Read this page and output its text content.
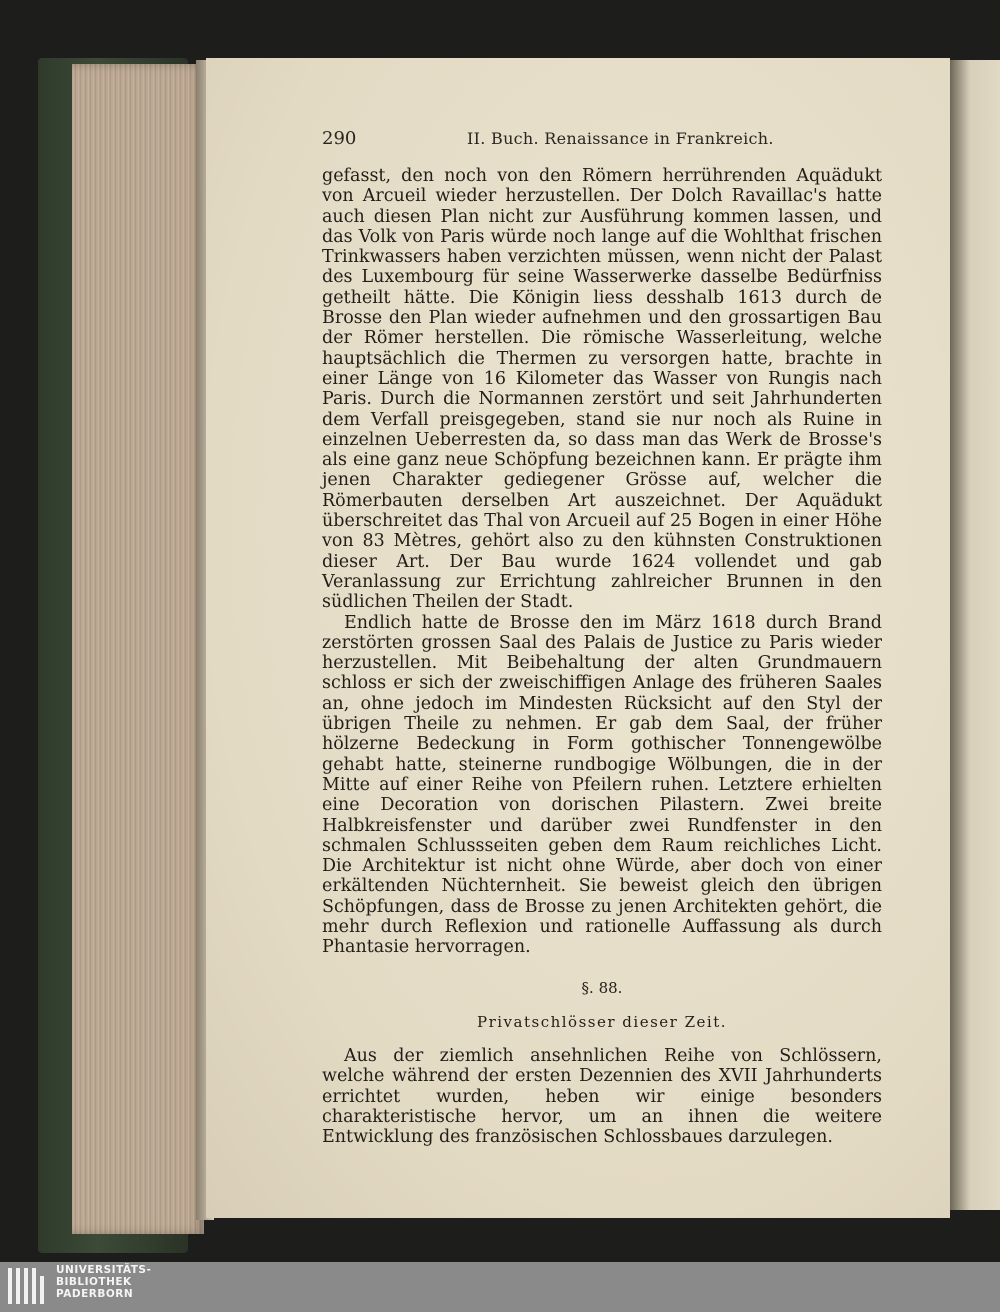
290	II. Buch. Renaissance in Frankreich.

gefasst, den noch von den Römern herrührenden Aquädukt von Arcueil wieder herzustellen. Der Dolch Ravaillac's hatte auch diesen Plan nicht zur Ausführung kommen lassen, und das Volk von Paris würde noch lange auf die Wohlthat frischen Trinkwassers haben verzichten müssen, wenn nicht der Palast des Luxembourg für seine Wasserwerke dasselbe Bedürfniss getheilt hätte. Die Königin liess desshalb 1613 durch de Brosse den Plan wieder aufnehmen und den grossartigen Bau der Römer herstellen. Die römische Wasserleitung, welche hauptsächlich die Thermen zu versorgen hatte, brachte in einer Länge von 16 Kilometer das Wasser von Rungis nach Paris. Durch die Normannen zerstört und seit Jahrhunderten dem Verfall preisgegeben, stand sie nur noch als Ruine in einzelnen Ueberresten da, so dass man das Werk de Brosse's als eine ganz neue Schöpfung bezeichnen kann. Er prägte ihm jenen Charakter gediegener Grösse auf, welcher die Römerbauten derselben Art auszeichnet. Der Aquädukt überschreitet das Thal von Arcueil auf 25 Bogen in einer Höhe von 83 Mètres, gehört also zu den kühnsten Construktionen dieser Art. Der Bau wurde 1624 vollendet und gab Veranlassung zur Errichtung zahlreicher Brunnen in den südlichen Theilen der Stadt.

Endlich hatte de Brosse den im März 1618 durch Brand zerstörten grossen Saal des Palais de Justice zu Paris wieder herzustellen. Mit Beibehaltung der alten Grundmauern schloss er sich der zweischiffigen Anlage des früheren Saales an, ohne jedoch im Mindesten Rücksicht auf den Styl der übrigen Theile zu nehmen. Er gab dem Saal, der früher hölzerne Bedeckung in Form gothischer Tonnengewölbe gehabt hatte, steinerne rundbogige Wölbungen, die in der Mitte auf einer Reihe von Pfeilern ruhen. Letztere erhielten eine Decoration von dorischen Pilastern. Zwei breite Halbkreisfenster und darüber zwei Rundfenster in den schmalen Schlussseiten geben dem Raum reichliches Licht. Die Architektur ist nicht ohne Würde, aber doch von einer erkältenden Nüchternheit. Sie beweist gleich den übrigen Schöpfungen, dass de Brosse zu jenen Architekten gehört, die mehr durch Reflexion und rationelle Auffassung als durch Phantasie hervorragen.

§. 88.
Privatschlösser dieser Zeit.

Aus der ziemlich ansehnlichen Reihe von Schlössern, welche während der ersten Dezennien des XVII Jahrhunderts errichtet wurden, heben wir einige besonders charakteristische hervor, um an ihnen die weitere Entwicklung des französischen Schlossbaues darzulegen.

UNIVERSITÄTS-
BIBLIOTHEK
PADERBORN
